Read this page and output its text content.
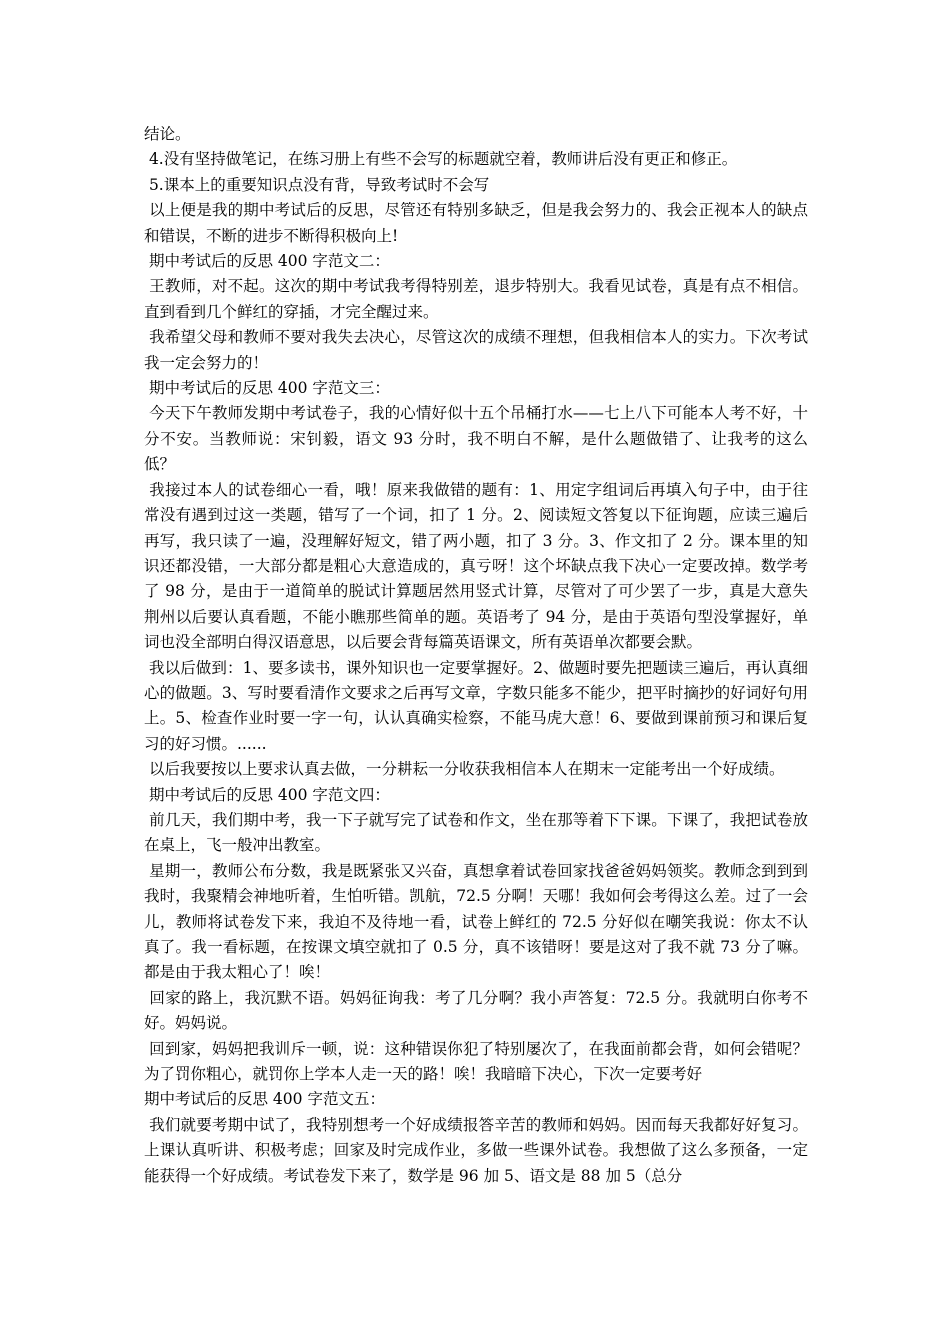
结论。

4.没有坚持做笔记，在练习册上有些不会写的标题就空着，教师讲后没有更正和修正。

5.课本上的重要知识点没有背，导致考试时不会写

以上便是我的期中考试后的反思，尽管还有特别多缺乏，但是我会努力的、我会正视本人的缺点和错误，不断的进步不断得积极向上!

期中考试后的反思 400 字范文二：

王教师，对不起。这次的期中考试我考得特别差，退步特别大。我看见试卷，真是有点不相信。直到看到几个鲜红的穿插，才完全醒过来。

我希望父母和教师不要对我失去决心，尽管这次的成绩不理想，但我相信本人的实力。下次考试我一定会努力的！

期中考试后的反思 400 字范文三：

今天下午教师发期中考试卷子，我的心情好似十五个吊桶打水——七上八下可能本人考不好，十分不安。当教师说：宋钊毅，语文 93 分时，我不明白不解，是什么题做错了、让我考的这么低？

我接过本人的试卷细心一看，哦！原来我做错的题有：1、用定字组词后再填入句子中，由于往常没有遇到过这一类题，错写了一个词，扣了 1 分。2、阅读短文答复以下征询题，应读三遍后再写，我只读了一遍，没理解好短文，错了两小题，扣了 3 分。3、作文扣了 2 分。课本里的知识还都没错，一大部分都是粗心大意造成的，真亏呀！这个坏缺点我下决心一定要改掉。数学考了 98 分，是由于一道简单的脱试计算题居然用竖式计算，尽管对了可少罢了一步，真是大意失荆州以后要认真看题，不能小瞧那些简单的题。英语考了 94 分，是由于英语句型没掌握好，单词也没全部明白得汉语意思，以后要会背每篇英语课文，所有英语单次都要会默。

我以后做到：1、要多读书，课外知识也一定要掌握好。2、做题时要先把题读三遍后，再认真细心的做题。3、写时要看清作文要求之后再写文章，字数只能多不能少，把平时摘抄的好词好句用上。5、检查作业时要一字一句，认认真确实检察，不能马虎大意！6、要做到课前预习和课后复习的好习惯。......

以后我要按以上要求认真去做，一分耕耘一分收获我相信本人在期末一定能考出一个好成绩。

期中考试后的反思 400 字范文四：

前几天，我们期中考，我一下子就写完了试卷和作文，坐在那等着下下课。下课了，我把试卷放在桌上，飞一般冲出教室。

星期一，教师公布分数，我是既紧张又兴奋，真想拿着试卷回家找爸爸妈妈领奖。教师念到到到我时，我聚精会神地听着，生怕听错。凯航，72.5 分啊！天哪！我如何会考得这么差。过了一会儿，教师将试卷发下来，我迫不及待地一看，试卷上鲜红的 72.5 分好似在嘲笑我说：你太不认真了。我一看标题，在按课文填空就扣了 0.5 分，真不该错呀！要是这对了我不就 73 分了嘛。都是由于我太粗心了！唉！

回家的路上，我沉默不语。妈妈征询我：考了几分啊？我小声答复：72.5 分。我就明白你考不好。妈妈说。

回到家，妈妈把我训斥一顿，说：这种错误你犯了特别屡次了，在我面前都会背，如何会错呢？为了罚你粗心，就罚你上学本人走一天的路！唉！我暗暗下决心，下次一定要考好

期中考试后的反思 400 字范文五：

我们就要考期中试了，我特别想考一个好成绩报答辛苦的教师和妈妈。因而每天我都好好复习。上课认真听讲、积极考虑；回家及时完成作业，多做一些课外试卷。我想做了这么多预备，一定能获得一个好成绩。考试卷发下来了，数学是 96 加 5、语文是 88 加 5（总分
